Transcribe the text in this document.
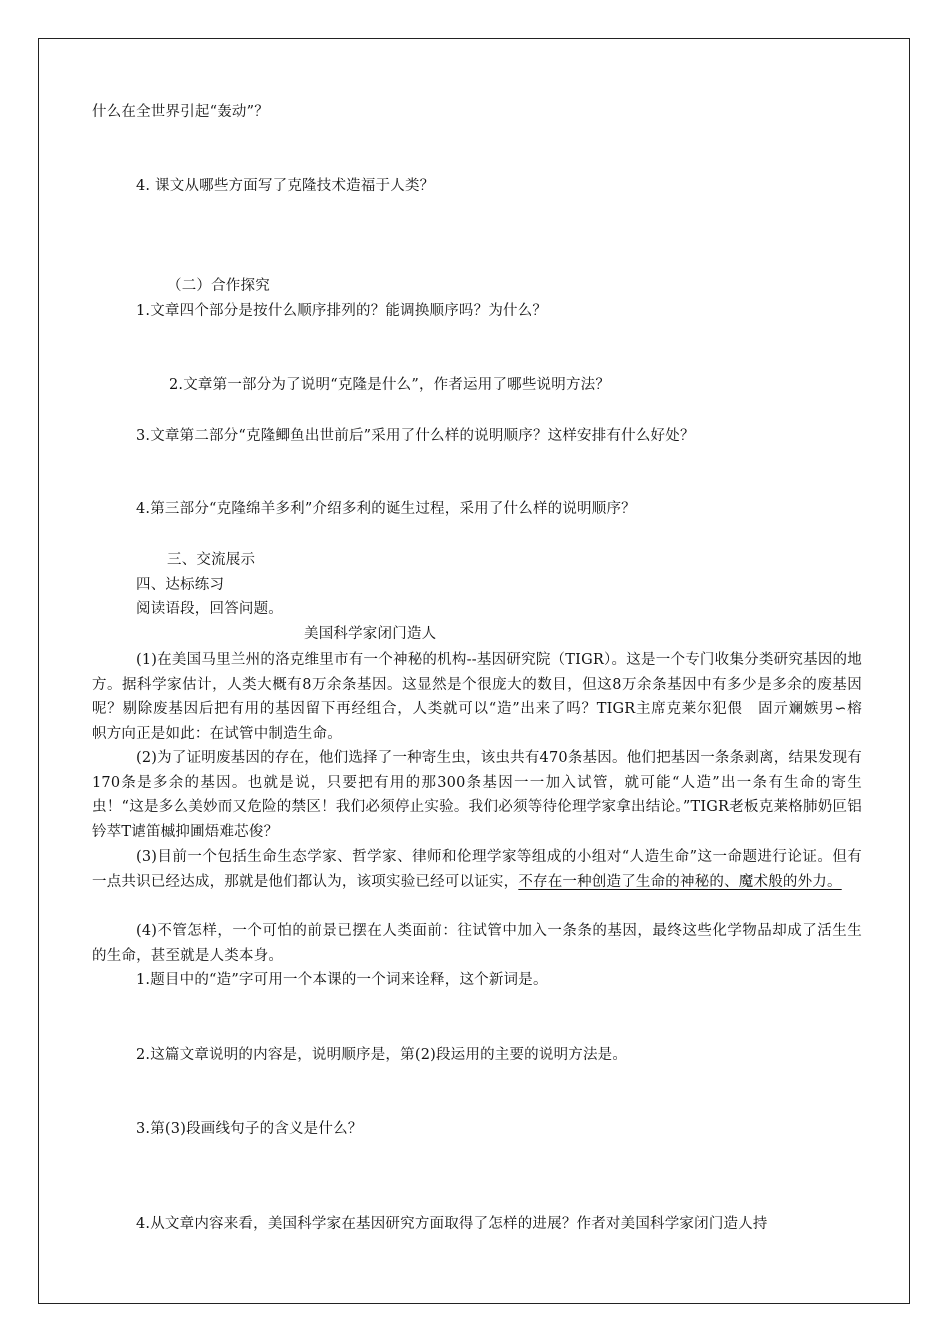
什么在全世界引起“轰动”？
4. 课文从哪些方面写了克隆技术造福于人类？
（二）合作探究
1.文章四个部分是按什么顺序排列的？能调换顺序吗？为什么？
2.文章第一部分为了说明“克隆是什么”，作者运用了哪些说明方法？
3.文章第二部分“克隆鲫鱼出世前后”采用了什么样的说明顺序？这样安排有什么好处？
4.第三部分“克隆绵羊多利”介绍多利的诞生过程，采用了什么样的说明顺序？
三、交流展示
四、达标练习
阅读语段，回答问题。
美国科学家闭门造人
(1)在美国马里兰州的洛克维里市有一个神秘的机构--基因研究院（TIGR）。这是一个专门收集分类研究基因的地方。据科学家估计，人类大概有8万余条基因。这显然是个很庞大的数目，但这8万余条基因中有多少是多余的废基因呢？剔除废基因后把有用的基因留下再经组合，人类就可以“造”出来了吗？TIGR主席克莱尔犯偎　固亓斓嫉男∽榕　帜方向正是如此：在试管中制造生命。
(2)为了证明废基因的存在，他们选择了一种寄生虫，该虫共有470条基因。他们把基因一条条剥离，结果发现有170条是多余的基因。也就是说，只要把有用的那300条基因一一加入试管，就可能“人造”出一条有生命的寄生虫！“这是多么美妙而又危险的禁区！我们必须停止实验。我们必须等待伦理学家拿出结论。”TIGR老板克莱格肺奶叵铝钤萃T谑笛槭抑圃焐难芯俊？
(3)目前一个包括生命生态学家、哲学家、律师和伦理学家等组成的小组对“人造生命”这一命题进行论证。但有一点共识已经达成，那就是他们都认为，该项实验已经可以证实，不存在一种创造了生命的神秘的、魔术般的外力。
(4)不管怎样，一个可怕的前景已摆在人类面前：往试管中加入一条条的基因，最终这些化学物品却成了活生生的生命，甚至就是人类本身。
1.题目中的“造”字可用一个本课的一个词来诠释，这个新词是。
2.这篇文章说明的内容是，说明顺序是，第(2)段运用的主要的说明方法是。
3.第(3)段画线句子的含义是什么？
4.从文章内容来看，美国科学家在基因研究方面取得了怎样的进展？作者对美国科学家闭门造人持
